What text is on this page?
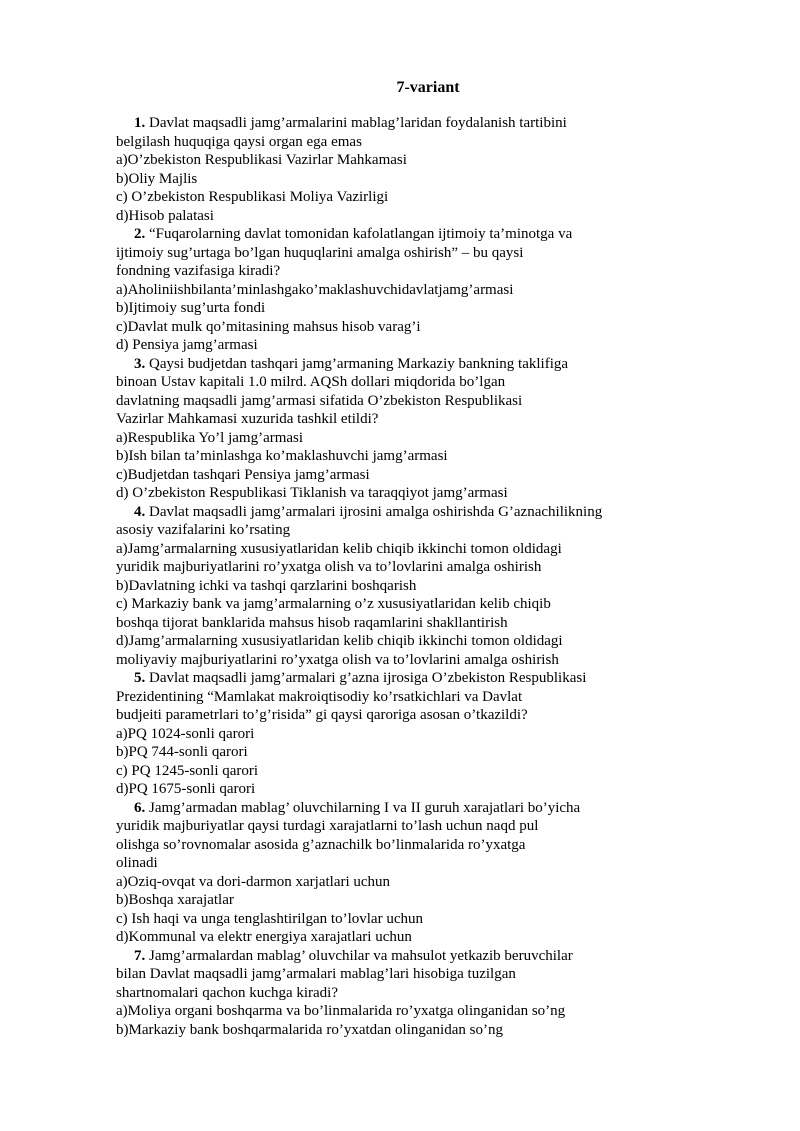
7-variant
1. Davlat maqsadli jamg’armalarini mablag’laridan foydalanish tartibini
belgilash huquqiga qaysi organ ega emas
a)O’zbekiston Respublikasi Vazirlar Mahkamasi
b)Oliy Majlis
c) O’zbekiston Respublikasi Moliya Vazirligi
d)Hisob palatasi
2. “Fuqarolarning davlat tomonidan kafolatlangan ijtimoiy ta’minotga va
ijtimoiy sug’urtaga bo’lgan huquqlarini amalga oshirish” – bu qaysi
fondning vazifasiga kiradi?
a)Aholiniishbilanta’minlashgako’maklashuvchidavlatjamg’armasi
b)Ijtimoiy sug’urta fondi
c)Davlat mulk qo’mitasining mahsus hisob varag’i
d) Pensiya jamg’armasi
3. Qaysi budjetdan tashqari jamg’armaning Markaziy bankning taklifiga
binoan Ustav kapitali 1.0 milrd. AQSh dollari miqdorida bo’lgan
davlatning maqsadli jamg’armasi sifatida O’zbekiston Respublikasi
Vazirlar Mahkamasi xuzurida tashkil etildi?
a)Respublika Yo’l jamg’armasi
b)Ish bilan ta’minlashga ko’maklashuvchi jamg’armasi
c)Budjetdan tashqari Pensiya jamg’armasi
d) O’zbekiston Respublikasi Tiklanish va taraqqiyot jamg’armasi
4. Davlat maqsadli jamg’armalari ijrosini amalga oshirishda G’aznachilikning
asosiy vazifalarini ko’rsating
a)Jamg’armalarning xususiyatlaridan kelib chiqib ikkinchi tomon oldidagi
yuridik majburiyatlarini ro’yxatga olish va to’lovlarini amalga oshirish
b)Davlatning ichki va tashqi qarzlarini boshqarish
c) Markaziy bank va jamg’armalarning o’z xususiyatlaridan kelib chiqib
boshqa tijorat banklarida mahsus hisob raqamlarini shakllantirish
d)Jamg’armalarning xususiyatlaridan kelib chiqib ikkinchi tomon oldidagi
moliyaviy majburiyatlarini ro’yxatga olish va to’lovlarini amalga oshirish
5. Davlat maqsadli jamg’armalari g’azna ijrosiga O’zbekiston Respublikasi
Prezidentining “Mamlakat makroiqtisodiy ko’rsatkichlari va Davlat
budjeiti parametrlari to’g’risida” gi qaysi qaroriga asosan o’tkazildi?
a)PQ 1024-sonli qarori
b)PQ 744-sonli qarori
c) PQ 1245-sonli qarori
d)PQ 1675-sonli qarori
6. Jamg’armadan mablag’ oluvchilarning I va II guruh xarajatlari bo’yicha
yuridik majburiyatlar qaysi turdagi xarajatlarni to’lash uchun naqd pul
olishga so’rovnomalar asosida g’aznachilk bo’linmalarida ro’yxatga
olinadi
a)Oziq-ovqat va dori-darmon xarjatlari uchun
b)Boshqa xarajatlar
c) Ish haqi va unga tenglashtirilgan to’lovlar uchun
d)Kommunal va elektr energiya xarajatlari uchun
7. Jamg’armalardan mablag’ oluvchilar va mahsulot yetkazib beruvchilar
bilan Davlat maqsadli jamg’armalari mablag’lari hisobiga tuzilgan
shartnomalari qachon kuchga kiradi?
a)Moliya organi boshqarma va bo’linmalarida ro’yxatga olinganidan so’ng
b)Markaziy bank boshqarmalarida ro’yxatdan olinganidan so’ng
